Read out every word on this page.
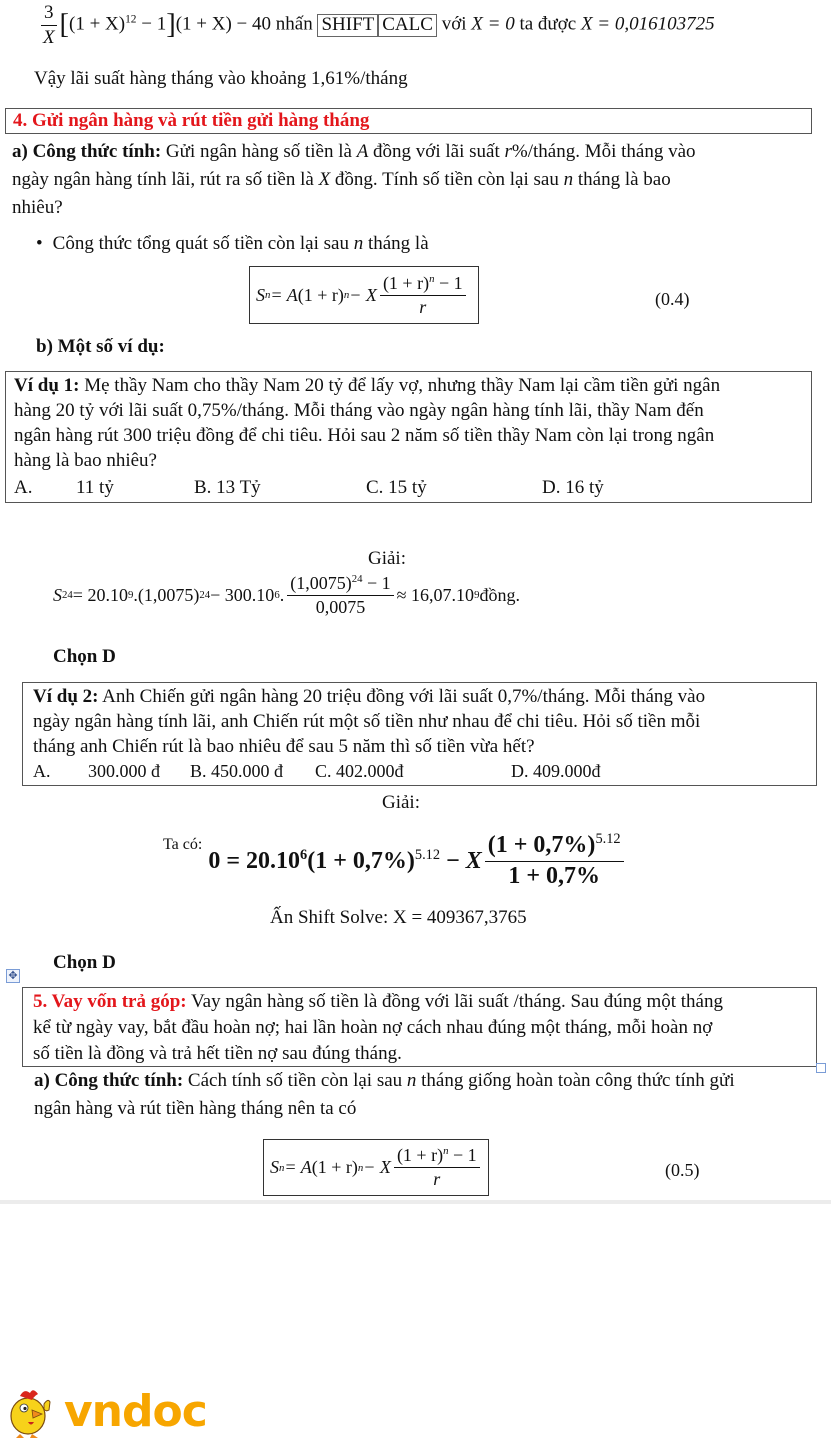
$\frac{3}{X} [(1 + X)^{12} - 1](1 + X) - 40$ nhấn SHIFT CALC với X = 0 ta được X = 0,016103725
Vậy lãi suất hàng tháng vào khoảng 1,61%/tháng
4. Gửi ngân hàng và rút tiền gửi hàng tháng
a) Công thức tính: Gửi ngân hàng số tiền là A đồng với lãi suất r%/tháng. Mỗi tháng vào
ngày ngân hàng tính lãi, rút ra số tiền là X đồng. Tính số tiền còn lại sau n tháng là bao
nhiêu?
• Công thức tổng quát số tiền còn lại sau n tháng là
S n = A (1 + r) n − X $\frac{(1 + r)^n - 1}{r}$	(0.4)
b) Một số ví dụ:
Ví dụ 1: Mẹ thầy Nam cho thầy Nam 20 tỷ để lấy vợ, nhưng thầy Nam lại cầm tiền gửi ngân
hàng 20 tỷ với lãi suất 0,75%/tháng. Mỗi tháng vào ngày ngân hàng tính lãi, thầy Nam đến
ngân hàng rút 300 triệu đồng để chi tiêu. Hỏi sau 2 năm số tiền thầy Nam còn lại trong ngân
hàng là bao nhiêu?
A. 11 tỷ	B. 13 Tỷ	C. 15 tỷ	D. 16 tỷ
Giải:
S 24 = 20.10 9 .(1,0075) 24 − 300.10 6 . $\frac{(1,0075)^{24} - 1}{0,0075} \approx 16,07.10$ 9 đồng.
Chọn D
Ví dụ 2: Anh Chiến gửi ngân hàng 20 triệu đồng với lãi suất 0,7%/tháng. Mỗi tháng vào
ngày ngân hàng tính lãi, anh Chiến rút một số tiền như nhau để chi tiêu. Hỏi số tiền mỗi
tháng anh Chiến rút là bao nhiêu để sau 5 năm thì số tiền vừa hết?
A. 300.000 đ B. 450.000 đ C. 402.000đ	D. 409.000đ
Giải:
Ta có:
$0 = 20.10^6(1 + 0,7\%)^{5.12} - X \frac{(1 + 0,7\%)^{5.12}}{1 + 0,7\%}$
Ấn Shift Solve: X = 409367,3765
Chọn D
✥
5. Vay vốn trả góp: Vay ngân hàng số tiền là đồng với lãi suất /tháng. Sau đúng một tháng
kể từ ngày vay, bắt đầu hoàn nợ; hai lần hoàn nợ cách nhau đúng một tháng, mỗi hoàn nợ
số tiền là đồng và trả hết tiền nợ sau đúng tháng.
a) Công thức tính: Cách tính số tiền còn lại sau n tháng giống hoàn toàn công thức tính gửi
ngân hàng và rút tiền hàng tháng nên ta có
S n = A (1 + r) n − X $\frac{(1 + r)^n - 1}{r}$	(0.5)
vndoc
